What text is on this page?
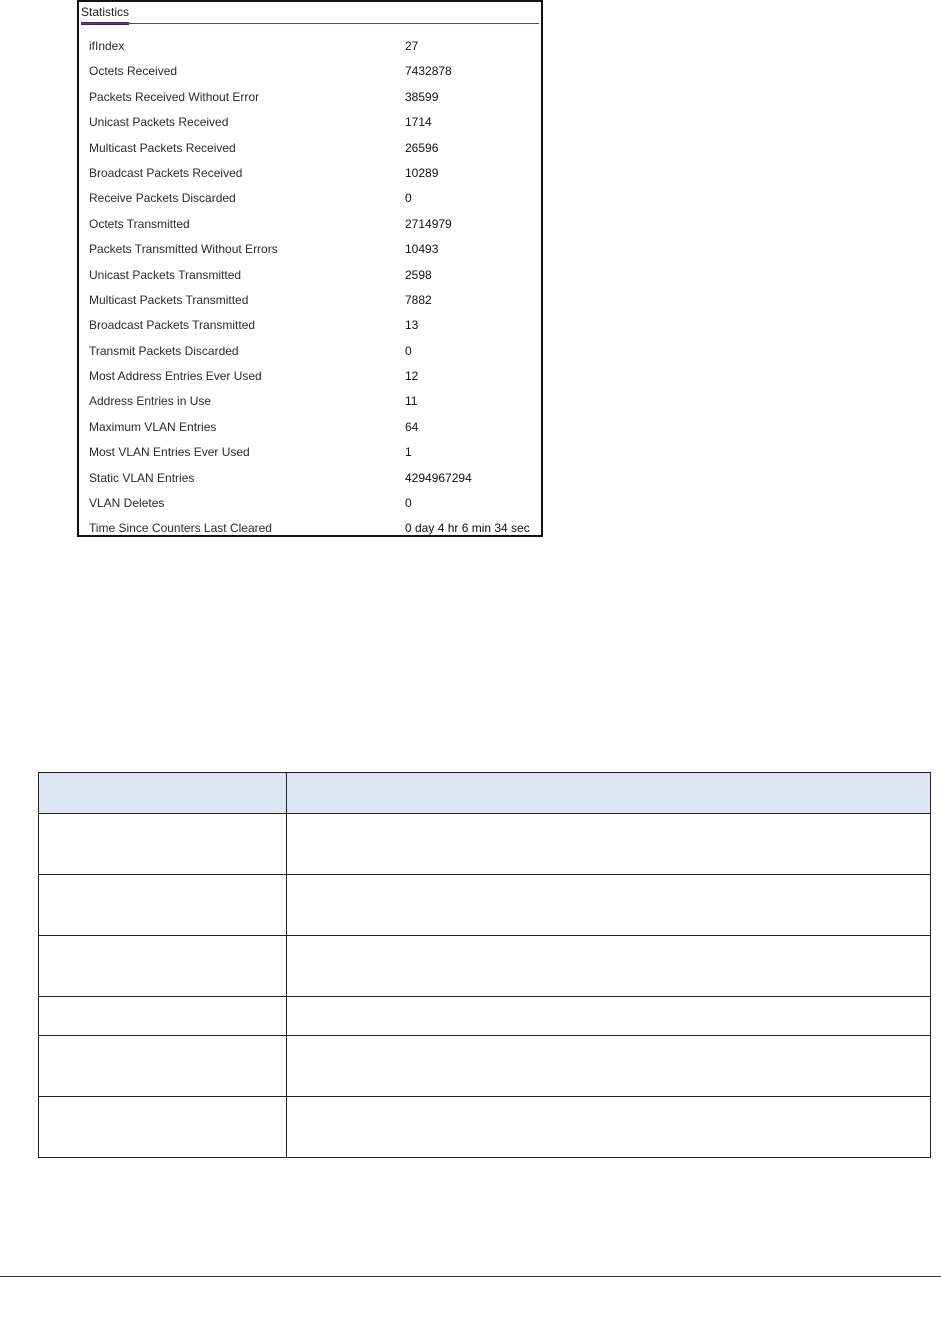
Statistics
ifIndex	27
Octets Received	7432878
Packets Received Without Error	38599
Unicast Packets Received	1714
Multicast Packets Received	26596
Broadcast Packets Received	10289
Receive Packets Discarded	0
Octets Transmitted	2714979
Packets Transmitted Without Errors	10493
Unicast Packets Transmitted	2598
Multicast Packets Transmitted	7882
Broadcast Packets Transmitted	13
Transmit Packets Discarded	0
Most Address Entries Ever Used	12
Address Entries in Use	11
Maximum VLAN Entries	64
Most VLAN Entries Ever Used	1
Static VLAN Entries	4294967294
VLAN Deletes	0
Time Since Counters Last Cleared	0 day 4 hr 6 min 34 sec
